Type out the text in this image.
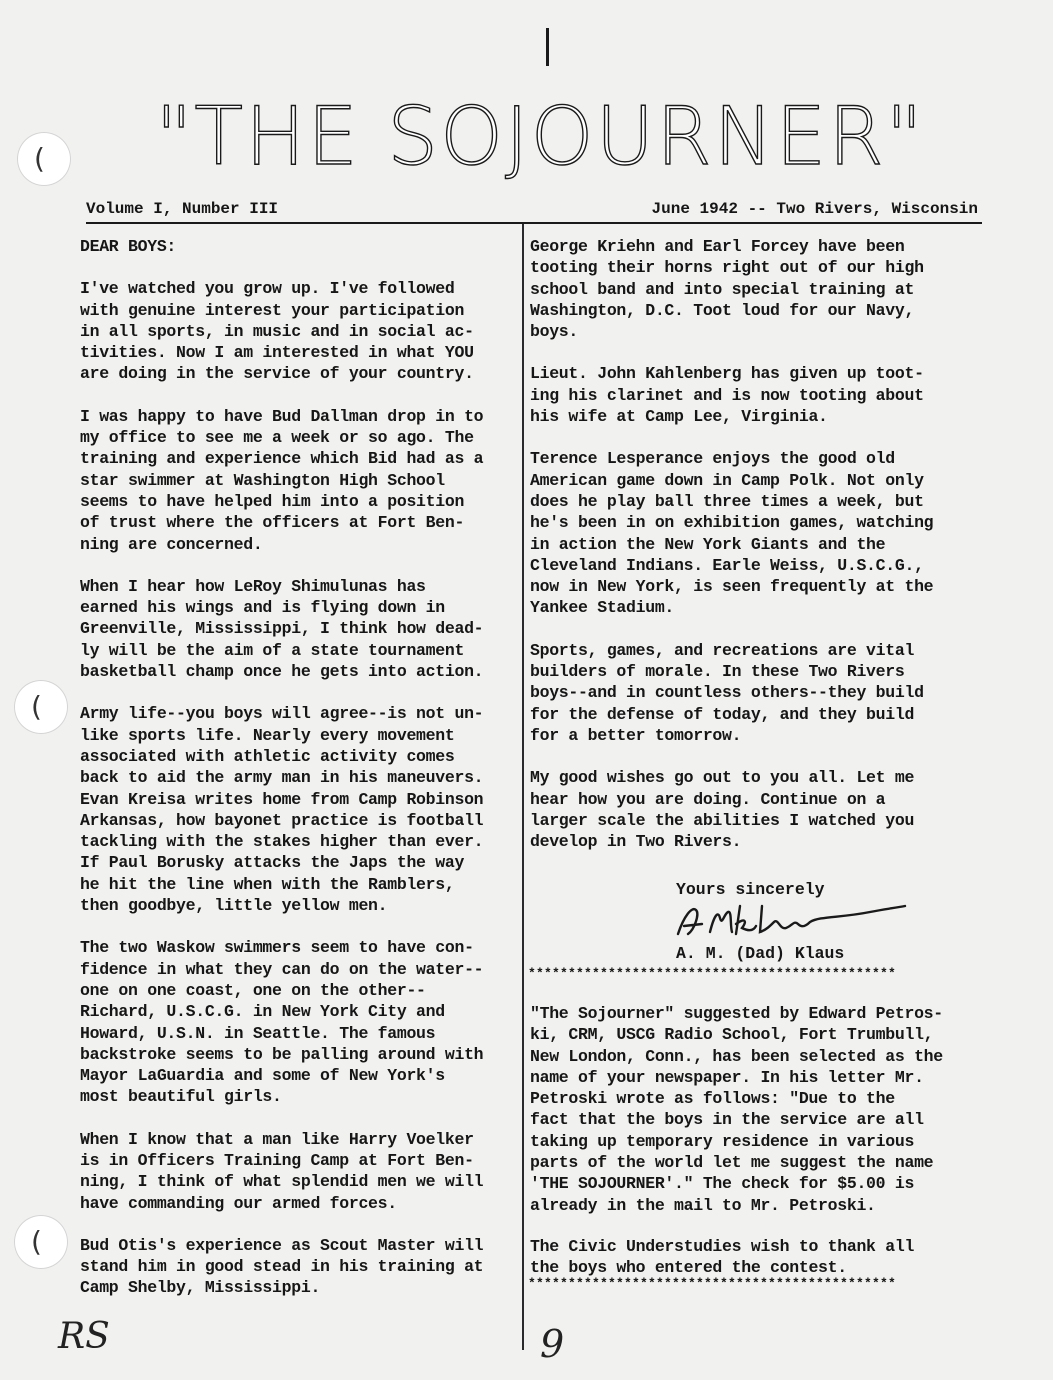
(
(
(
"THE SOJOURNER"
Volume I, Number III	June 1942 -- Two Rivers, Wisconsin

DEAR BOYS:

I've watched you grow up. I've followed
with genuine interest your participation
in all sports, in music and in social ac-
tivities. Now I am interested in what YOU
are doing in the service of your country.

I was happy to have Bud Dallman drop in to
my office to see me a week or so ago. The
training and experience which Bid had as a
star swimmer at Washington High School
seems to have helped him into a position
of trust where the officers at Fort Ben-
ning are concerned.

When I hear how LeRoy Shimulunas has
earned his wings and is flying down in
Greenville, Mississippi, I think how dead-
ly will be the aim of a state tournament
basketball champ once he gets into action.

Army life--you boys will agree--is not un-
like sports life. Nearly every movement
associated with athletic activity comes
back to aid the army man in his maneuvers.
Evan Kreisa writes home from Camp Robinson
Arkansas, how bayonet practice is football
tackling with the stakes higher than ever.
If Paul Borusky attacks the Japs the way
he hit the line when with the Ramblers,
then goodbye, little yellow men.

The two Waskow swimmers seem to have con-
fidence in what they can do on the water--
one on one coast, one on the other--
Richard, U.S.C.G. in New York City and
Howard, U.S.N. in Seattle. The famous
backstroke seems to be palling around with
Mayor LaGuardia and some of New York's
most beautiful girls.

When I know that a man like Harry Voelker
is in Officers Training Camp at Fort Ben-
ning, I think of what splendid men we will
have commanding our armed forces.

Bud Otis's experience as Scout Master will
stand him in good stead in his training at
Camp Shelby, Mississippi.

George Kriehn and Earl Forcey have been
tooting their horns right out of our high
school band and into special training at
Washington, D.C. Toot loud for our Navy,
boys.

Lieut. John Kahlenberg has given up toot-
ing his clarinet and is now tooting about
his wife at Camp Lee, Virginia.

Terence Lesperance enjoys the good old
American game down in Camp Polk. Not only
does he play ball three times a week, but
he's been in on exhibition games, watching
in action the New York Giants and the
Cleveland Indians. Earle Weiss, U.S.C.G.,
now in New York, is seen frequently at the
Yankee Stadium.

Sports, games, and recreations are vital
builders of morale. In these Two Rivers
boys--and in countless others--they build
for the defense of today, and they build
for a better tomorrow.

My good wishes go out to you all. Let me
hear how you are doing. Continue on a
larger scale the abilities I watched you
develop in Two Rivers.

Yours sincerely
A. M. (Dad) Klaus
**********************************************
"The Sojourner" suggested by Edward Petros-
ki, CRM, USCG Radio School, Fort Trumbull,
New London, Conn., has been selected as the
name of your newspaper. In his letter Mr.
Petroski wrote as follows: "Due to the
fact that the boys in the service are all
taking up temporary residence in various
parts of the world let me suggest the name
'THE SOJOURNER'." The check for $5.00 is
already in the mail to Mr. Petroski.
The Civic Understudies wish to thank all
the boys who entered the contest.
**********************************************
RS	9
